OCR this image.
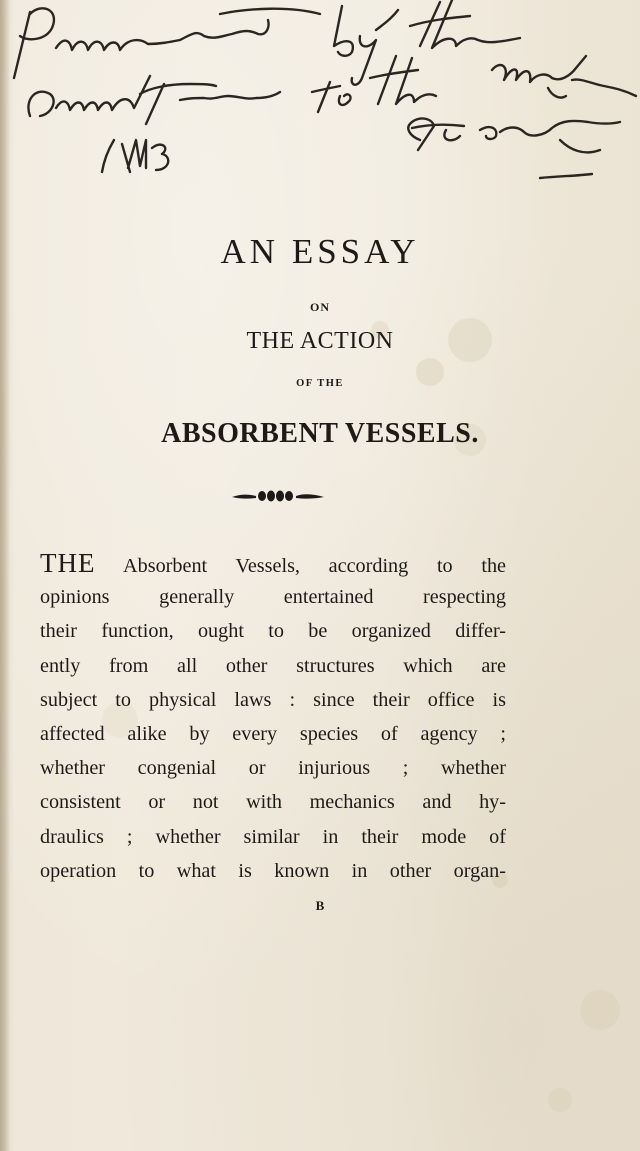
Presented by the Author to the Medical Society
AN ESSAY
ON
THE ACTION
OF THE
ABSORBENT VESSELS.
THE Absorbent Vessels, according to the
opinions generally entertained respecting
their function, ought to be organized differ-
ently from all other structures which are
subject to physical laws : since their office is
affected alike by every species of agency ;
whether congenial or injurious ; whether
consistent or not with mechanics and hy-
draulics ; whether similar in their mode of
operation to what is known in other organ-
B
